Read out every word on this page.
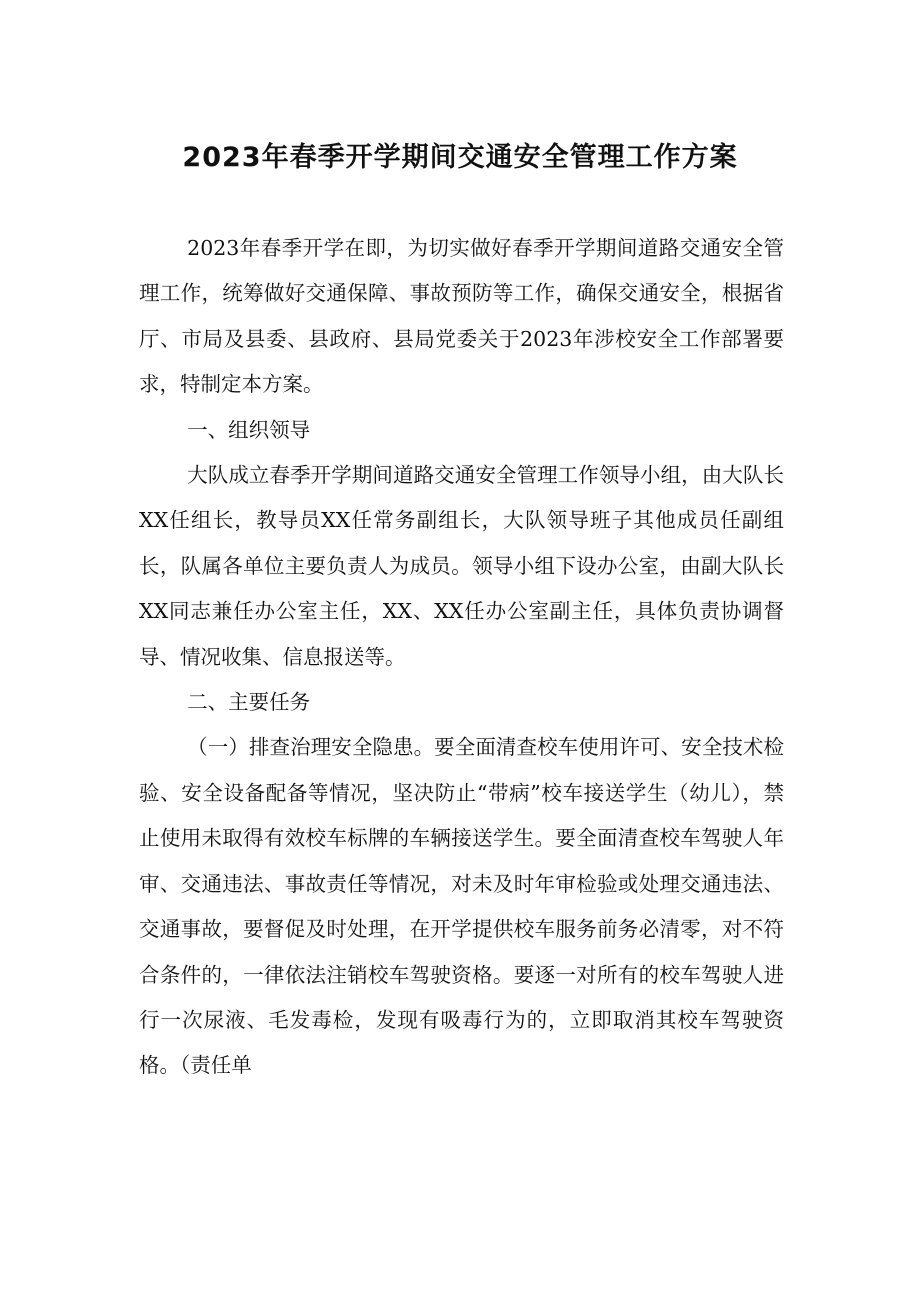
2023年春季开学期间交通安全管理工作方案

2023年春季开学在即，为切实做好春季开学期间道路交通安全管理工作，统筹做好交通保障、事故预防等工作，确保交通安全，根据省厅、市局及县委、县政府、县局党委关于2023年涉校安全工作部署要求，特制定本方案。

一、组织领导

大队成立春季开学期间道路交通安全管理工作领导小组，由大队长XX任组长，教导员XX任常务副组长，大队领导班子其他成员任副组长，队属各单位主要负责人为成员。领导小组下设办公室，由副大队长XX同志兼任办公室主任，XX、XX任办公室副主任，具体负责协调督导、情况收集、信息报送等。

二、主要任务

（一）排查治理安全隐患。要全面清查校车使用许可、安全技术检验、安全设备配备等情况，坚决防止“带病”校车接送学生（幼儿），禁止使用未取得有效校车标牌的车辆接送学生。要全面清查校车驾驶人年审、交通违法、事故责任等情况，对未及时年审检验或处理交通违法、交通事故，要督促及时处理，在开学提供校车服务前务必清零，对不符合条件的，一律依法注销校车驾驶资格。要逐一对所有的校车驾驶人进行一次尿液、毛发毒检，发现有吸毒行为的，立即取消其校车驾驶资格。（责任单
